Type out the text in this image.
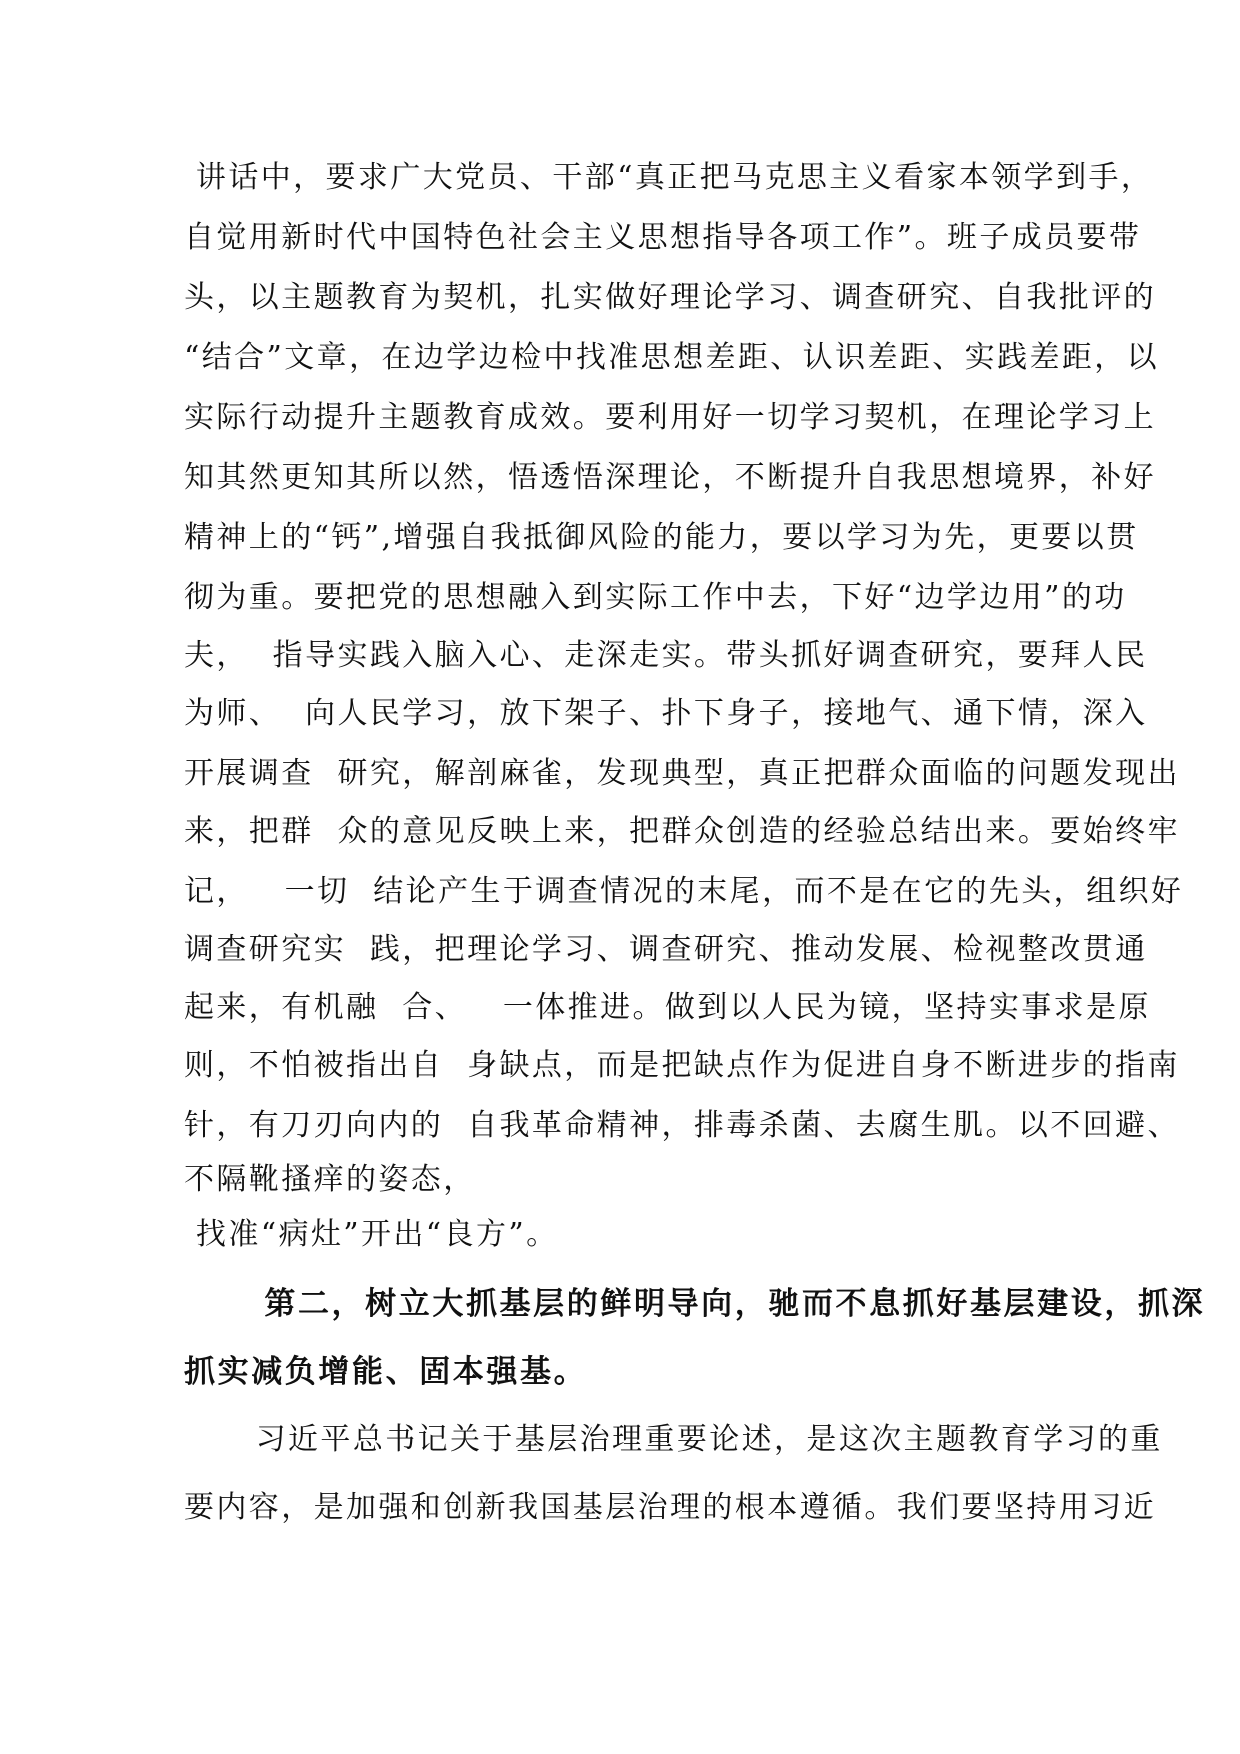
讲话中，要求广大党员、干部“真正把马克思主义看家本领学到手，
自觉用新时代中国特色社会主义思想指导各项工作”。班子成员要带
头，以主题教育为契机，扎实做好理论学习、调查研究、自我批评的
“结合”文章，在边学边检中找准思想差距、认识差距、实践差距，以
实际行动提升主题教育成效。要利用好一切学习契机，在理论学习上
知其然更知其所以然，悟透悟深理论，不断提升自我思想境界，补好
精神上的“钙”,增强自我抵御风险的能力，要以学习为先，更要以贯
彻为重。要把党的思想融入到实际工作中去，下好“边学边用”的功
夫，  指导实践入脑入心、走深走实。带头抓好调查研究，要拜人民
为师、  向人民学习，放下架子、扑下身子，接地气、通下情，深入
开展调查  研究，解剖麻雀，发现典型，真正把群众面临的问题发现出
来，把群  众的意见反映上来，把群众创造的经验总结出来。要始终牢
记，   一切  结论产生于调查情况的末尾，而不是在它的先头，组织好
调查研究实  践，把理论学习、调查研究、推动发展、检视整改贯通
起来，有机融  合、   一体推进。做到以人民为镜，坚持实事求是原
则，不怕被指出自  身缺点，而是把缺点作为促进自身不断进步的指南
针，有刀刃向内的  自我革命精神，排毒杀菌、去腐生肌。以不回避、
不隔靴搔痒的姿态，
找准“病灶”开出“良方”。
第二，树立大抓基层的鲜明导向，驰而不息抓好基层建设，抓深
抓实减负增能、固本强基。
习近平总书记关于基层治理重要论述，是这次主题教育学习的重
要内容，是加强和创新我国基层治理的根本遵循。我们要坚持用习近
